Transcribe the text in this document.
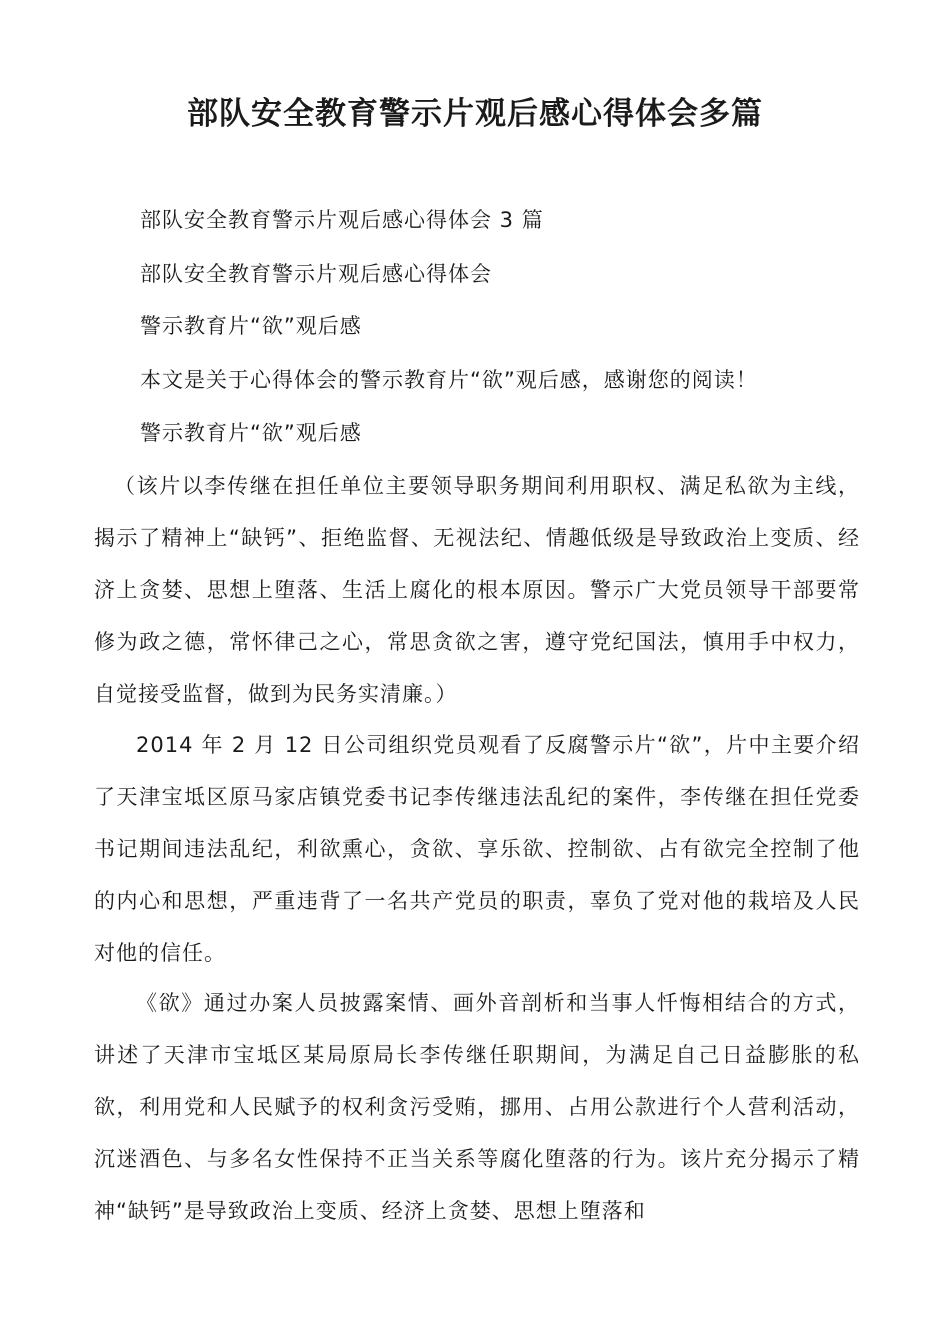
部队安全教育警示片观后感心得体会多篇
部队安全教育警示片观后感心得体会 3 篇
部队安全教育警示片观后感心得体会
警示教育片“欲”观后感
本文是关于心得体会的警示教育片“欲”观后感，感谢您的阅读！
警示教育片“欲”观后感

（该片以李传继在担任单位主要领导职务期间利用职权、满足私欲为主线，揭示了精神上“缺钙”、拒绝监督、无视法纪、情趣低级是导致政治上变质、经济上贪婪、思想上堕落、生活上腐化的根本原因。警示广大党员领导干部要常修为政之德，常怀律己之心，常思贪欲之害，遵守党纪国法，慎用手中权力，自觉接受监督，做到为民务实清廉。）

2014 年 2 月 12 日公司组织党员观看了反腐警示片“欲”，片中主要介绍了天津宝坻区原马家店镇党委书记李传继违法乱纪的案件，李传继在担任党委书记期间违法乱纪，利欲熏心，贪欲、享乐欲、控制欲、占有欲完全控制了他的内心和思想，严重违背了一名共产党员的职责，辜负了党对他的栽培及人民对他的信任。

《欲》通过办案人员披露案情、画外音剖析和当事人忏悔相结合的方式，讲述了天津市宝坻区某局原局长李传继任职期间，为满足自己日益膨胀的私欲，利用党和人民赋予的权利贪污受贿，挪用、占用公款进行个人营利活动，沉迷酒色、与多名女性保持不正当关系等腐化堕落的行为。该片充分揭示了精神“缺钙”是导致政治上变质、经济上贪婪、思想上堕落和
